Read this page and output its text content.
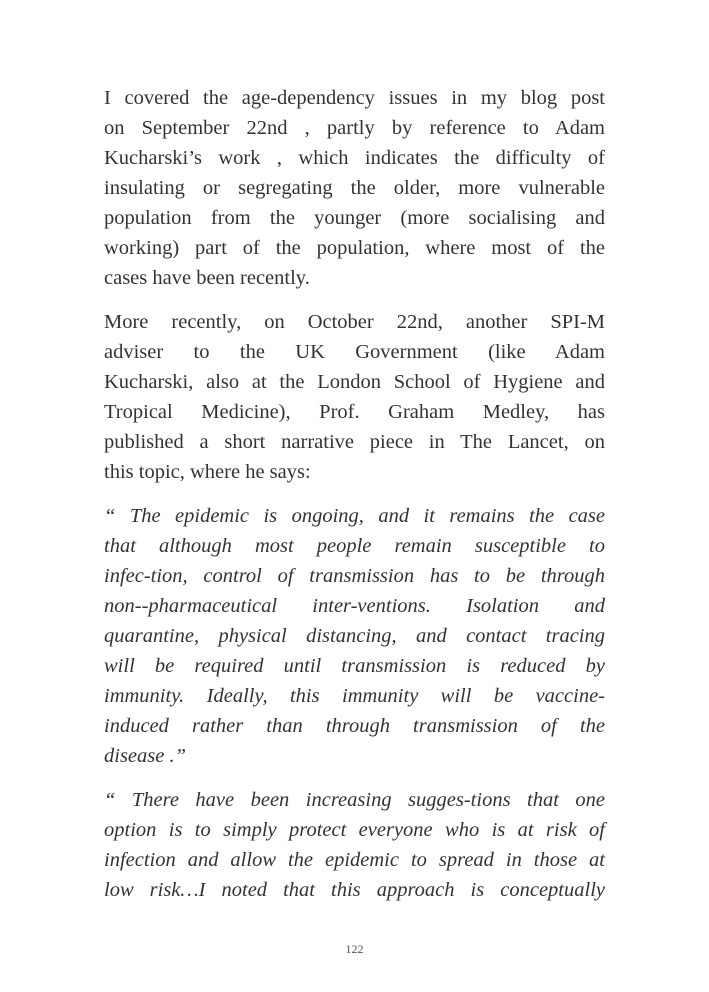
I covered the age-dependency issues in my blog post
on September 22nd , partly by reference to Adam
Kucharski’s work , which indicates the difficulty of
insulating or segregating the older, more vulnerable
population from the younger (more socialising and
working) part of the population, where most of the
cases have been recently.
More recently, on October 22nd, another SPI-M
adviser to the UK Government (like Adam
Kucharski, also at the London School of Hygiene and
Tropical Medicine), Prof. Graham Medley, has
published a short narrative piece in The Lancet, on
this topic, where he says:
“ The epidemic is ongoing, and it remains the case
that although most people remain susceptible to
infec-tion, control of transmission has to be through
non--pharmaceutical inter-ventions. Isolation and
quarantine, physical distancing, and contact tracing
will be required until transmission is reduced by
immunity. Ideally, this immunity will be vaccine-
induced rather than through transmission of the
disease .”
“ There have been increasing sugges-tions that one
option is to simply protect everyone who is at risk of
infection and allow the epidemic to spread in those at
low risk…I noted that this approach is conceptually
122
